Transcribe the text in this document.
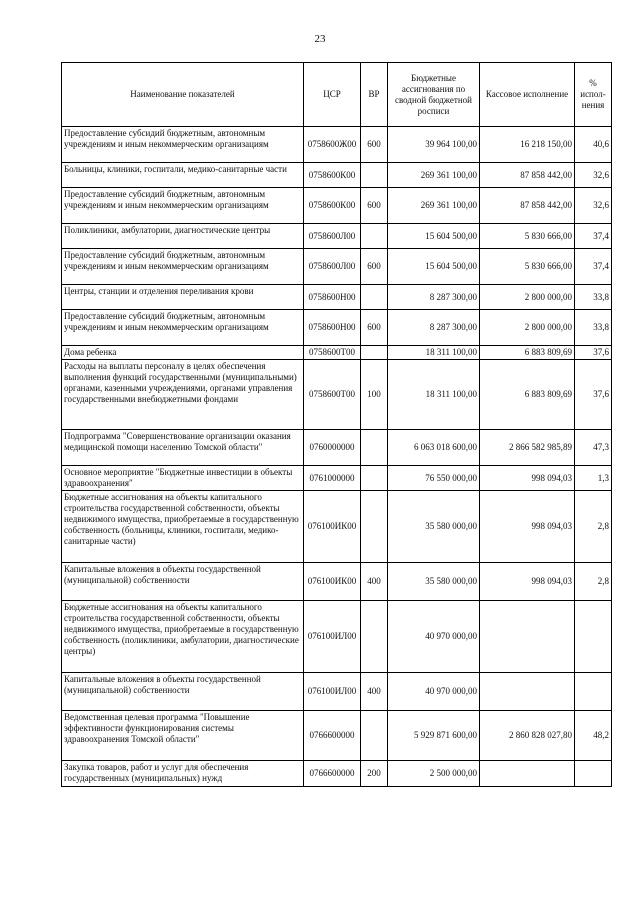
23
Наименование показателей	ЦСР	ВР	Бюджетные ассигнования по сводной бюджетной росписи	Кассовое исполнение	% испол-нения
Предоставление субсидий бюджетным, автономным учреждениям и иным некоммерческим организациям	0758600Ж00	600	39 964 100,00	16 218 150,00	40,6
Больницы, клиники, госпитали, медико-санитарные части	0758600К00		269 361 100,00	87 858 442,00	32,6
Предоставление субсидий бюджетным, автономным учреждениям и иным некоммерческим организациям	0758600К00	600	269 361 100,00	87 858 442,00	32,6
Поликлиники, амбулатории, диагностические центры	0758600Л00		15 604 500,00	5 830 666,00	37,4
Предоставление субсидий бюджетным, автономным учреждениям и иным некоммерческим организациям	0758600Л00	600	15 604 500,00	5 830 666,00	37,4
Центры, станции и отделения переливания крови	0758600Н00		8 287 300,00	2 800 000,00	33,8
Предоставление субсидий бюджетным, автономным учреждениям и иным некоммерческим организациям	0758600Н00	600	8 287 300,00	2 800 000,00	33,8
Дома ребенка	0758600Т00		18 311 100,00	6 883 809,69	37,6
Расходы на выплаты персоналу в целях обеспечения выполнения функций государственными (муниципальными) органами, казенными учреждениями, органами управления государственными внебюджетными фондами	0758600Т00	100	18 311 100,00	6 883 809,69	37,6
Подпрограмма "Совершенствование организации оказания медицинской помощи населению Томской области"	0760000000		6 063 018 600,00	2 866 582 985,89	47,3
Основное мероприятие "Бюджетные инвестиции в объекты здравоохранения"	0761000000		76 550 000,00	998 094,03	1,3
Бюджетные ассигнования на объекты капитального строительства государственной собственности, объекты недвижимого имущества, приобретаемые в государственную собственность (больницы, клиники, госпитали, медико-санитарные части)	076100ИК00		35 580 000,00	998 094,03	2,8
Капитальные вложения в объекты государственной (муниципальной) собственности	076100ИК00	400	35 580 000,00	998 094,03	2,8
Бюджетные ассигнования на объекты капитального строительства государственной собственности, объекты недвижимого имущества, приобретаемые в государственную собственность (поликлиники, амбулатории, диагностические центры)	076100ИЛ00		40 970 000,00		
Капитальные вложения в объекты государственной (муниципальной) собственности	076100ИЛ00	400	40 970 000,00		
Ведомственная целевая программа "Повышение эффективности функционирования системы здравоохранения Томской области"	0766600000		5 929 871 600,00	2 860 828 027,80	48,2
Закупка товаров, работ и услуг для обеспечения государственных (муниципальных) нужд	0766600000	200	2 500 000,00		
